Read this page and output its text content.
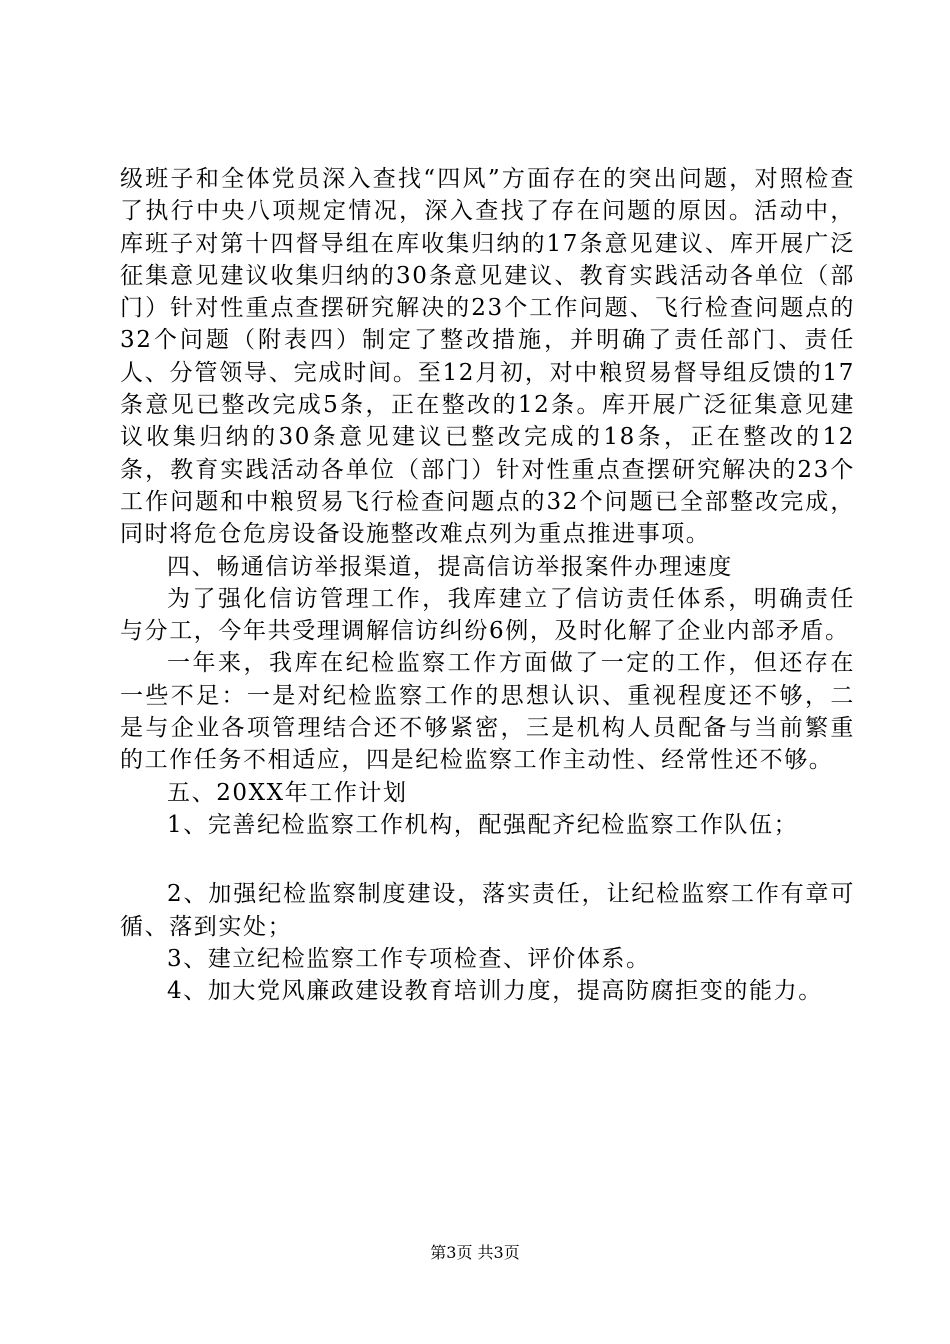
级班子和全体党员深入查找“四风”方面存在的突出问题，对照检查了执行中央八项规定情况，深入查找了存在问题的原因。活动中，库班子对第十四督导组在库收集归纳的17条意见建议、库开展广泛征集意见建议收集归纳的30条意见建议、教育实践活动各单位（部门）针对性重点查摆研究解决的23个工作问题、飞行检查问题点的32个问题（附表四）制定了整改措施，并明确了责任部门、责任人、分管领导、完成时间。至12月初，对中粮贸易督导组反馈的17条意见已整改完成5条，正在整改的12条。库开展广泛征集意见建议收集归纳的30条意见建议已整改完成的18条，正在整改的12条，教育实践活动各单位（部门）针对性重点查摆研究解决的23个工作问题和中粮贸易飞行检查问题点的32个问题已全部整改完成，同时将危仓危房设备设施整改难点列为重点推进事项。

四、畅通信访举报渠道，提高信访举报案件办理速度

为了强化信访管理工作，我库建立了信访责任体系，明确责任与分工，今年共受理调解信访纠纷6例，及时化解了企业内部矛盾。

一年来，我库在纪检监察工作方面做了一定的工作，但还存在一些不足：一是对纪检监察工作的思想认识、重视程度还不够，二是与企业各项管理结合还不够紧密，三是机构人员配备与当前繁重的工作任务不相适应，四是纪检监察工作主动性、经常性还不够。

五、20XX年工作计划

1、完善纪检监察工作机构，配强配齐纪检监察工作队伍；

2、加强纪检监察制度建设，落实责任，让纪检监察工作有章可循、落到实处；

3、建立纪检监察工作专项检查、评价体系。

4、加大党风廉政建设教育培训力度，提高防腐拒变的能力。

第3页 共3页
